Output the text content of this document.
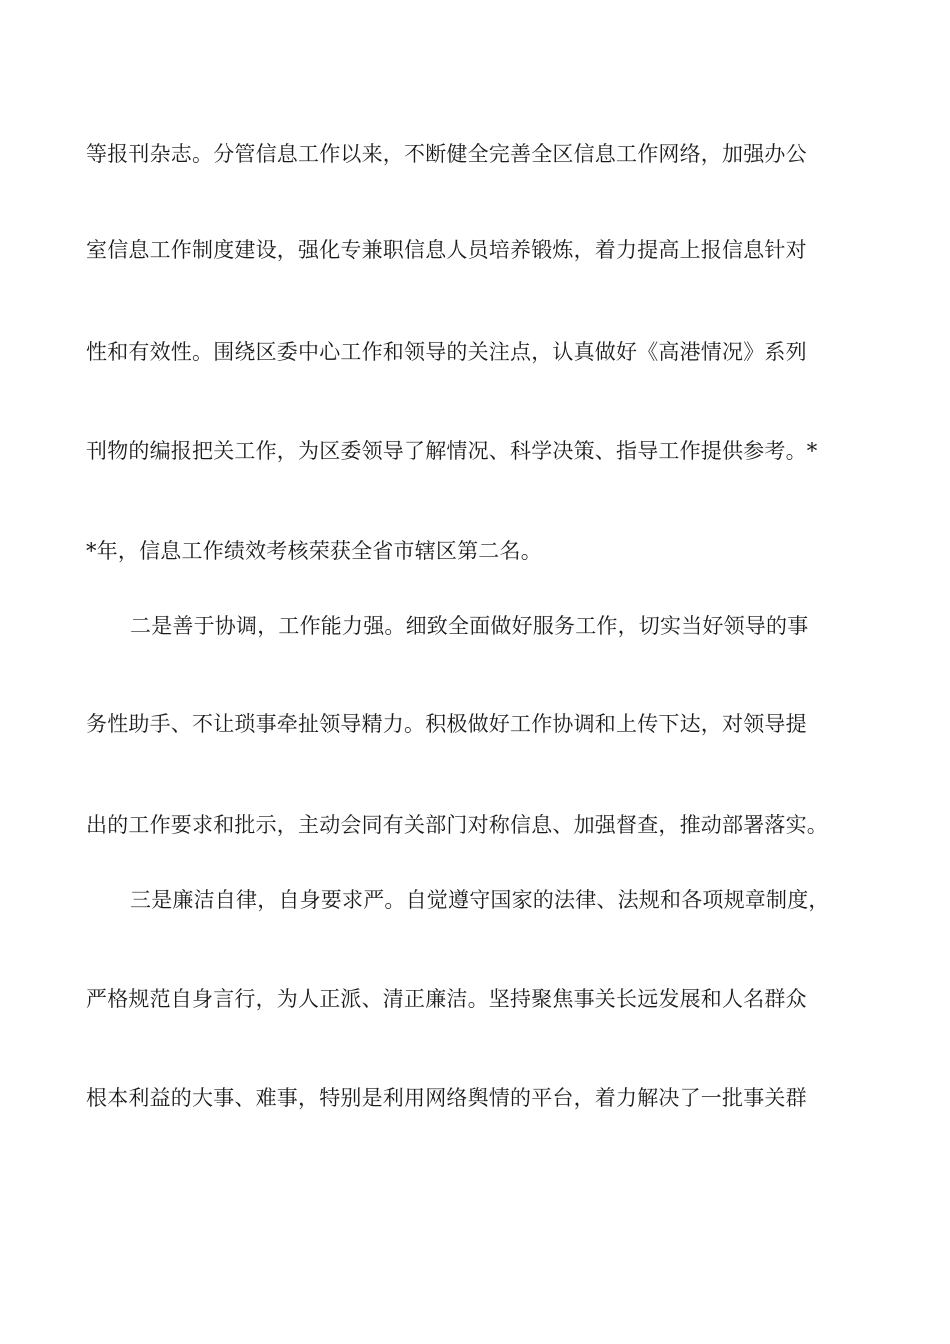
等报刊杂志。分管信息工作以来，不断健全完善全区信息工作网络，加强办公
室信息工作制度建设，强化专兼职信息人员培养锻炼，着力提高上报信息针对
性和有效性。围绕区委中心工作和领导的关注点，认真做好《高港情况》系列
刊物的编报把关工作，为区委领导了解情况、科学决策、指导工作提供参考。*
*年，信息工作绩效考核荣获全省市辖区第二名。
二是善于协调，工作能力强。细致全面做好服务工作，切实当好领导的事
务性助手、不让琐事牵扯领导精力。积极做好工作协调和上传下达，对领导提
出的工作要求和批示，主动会同有关部门对称信息、加强督查，推动部署落实。
三是廉洁自律，自身要求严。自觉遵守国家的法律、法规和各项规章制度，
严格规范自身言行，为人正派、清正廉洁。坚持聚焦事关长远发展和人名群众
根本利益的大事、难事，特别是利用网络舆情的平台，着力解决了一批事关群
